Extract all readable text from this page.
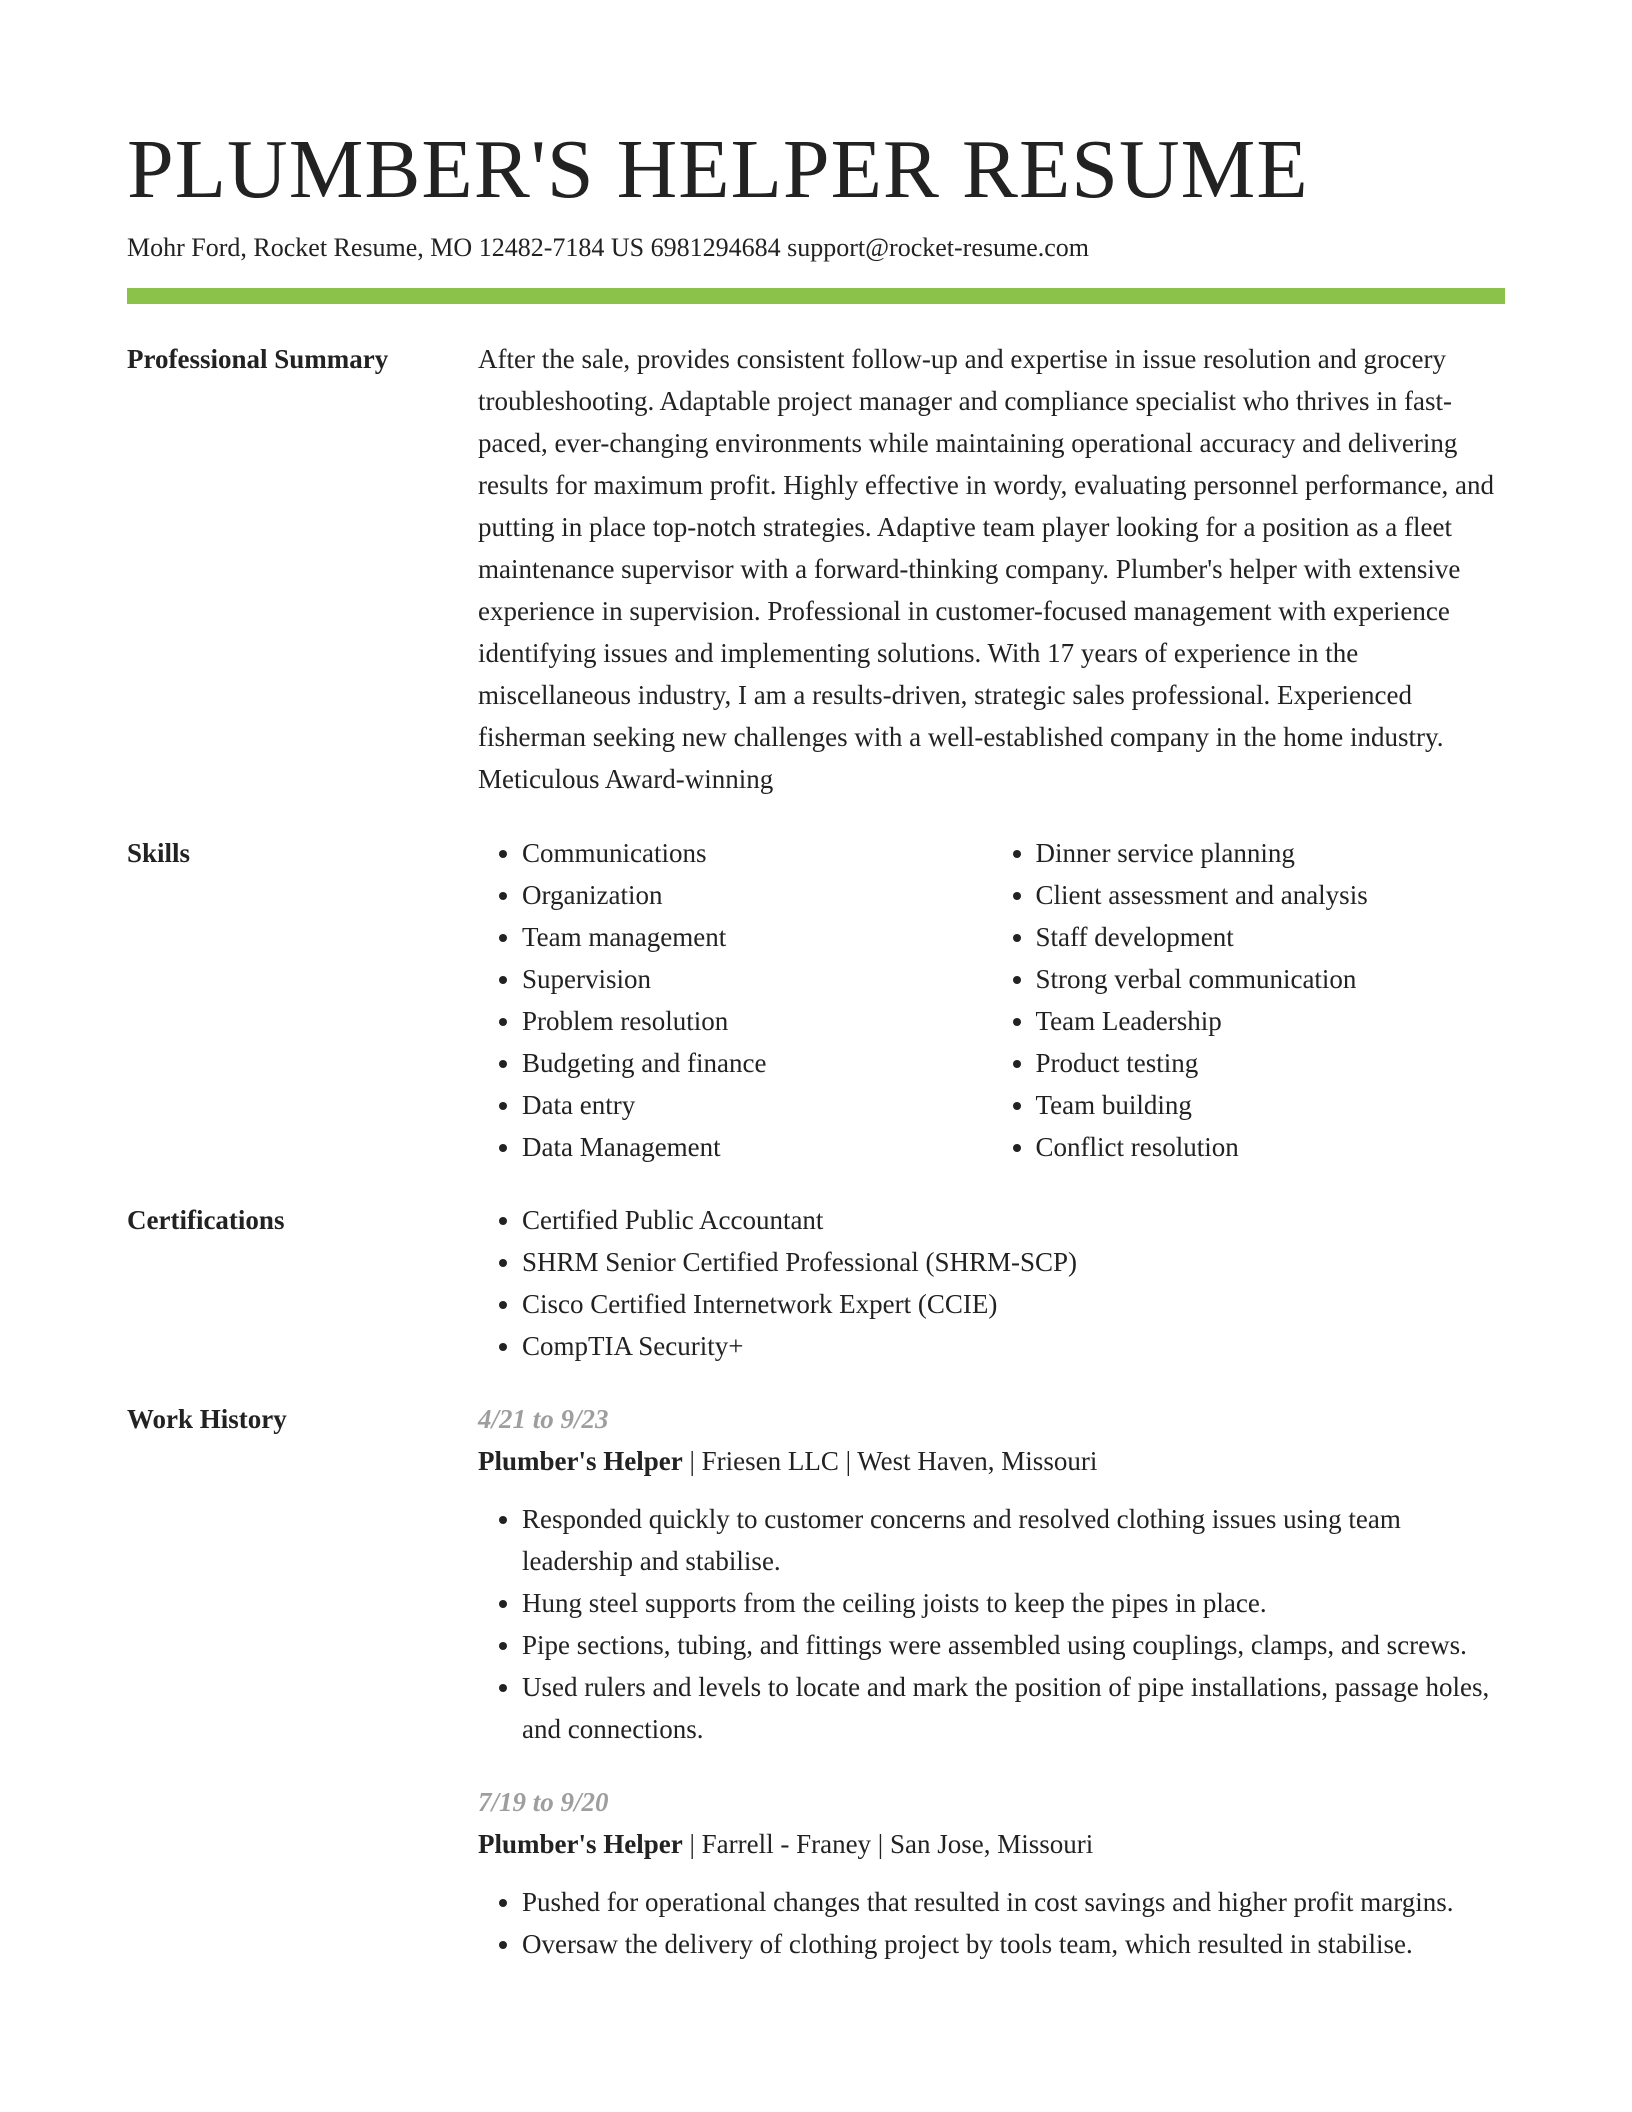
PLUMBER'S HELPER RESUME
Mohr Ford, Rocket Resume, MO 12482-7184 US 6981294684 support@rocket-resume.com
Professional Summary	After the sale, provides consistent follow-up and expertise in issue resolution and grocery troubleshooting. Adaptable project manager and compliance specialist who thrives in fast-paced, ever-changing environments while maintaining operational accuracy and delivering results for maximum profit. Highly effective in wordy, evaluating personnel performance, and putting in place top-notch strategies. Adaptive team player looking for a position as a fleet maintenance supervisor with a forward-thinking company. Plumber's helper with extensive experience in supervision. Professional in customer-focused management with experience identifying issues and implementing solutions. With 17 years of experience in the miscellaneous industry, I am a results-driven, strategic sales professional. Experienced fisherman seeking new challenges with a well-established company in the home industry. Meticulous Award-winning

Skills	• Communications
• Organization
• Team management
• Supervision
• Problem resolution
• Budgeting and finance
• Data entry
• Data Management
• Dinner service planning
• Client assessment and analysis
• Staff development
• Strong verbal communication
• Team Leadership
• Product testing
• Team building
• Conflict resolution
Certifications	• Certified Public Accountant
• SHRM Senior Certified Professional (SHRM-SCP)
• Cisco Certified Internetwork Expert (CCIE)
• CompTIA Security+
Work History	4/21 to 9/23
Plumber's Helper | Friesen LLC | West Haven, Missouri
• Responded quickly to customer concerns and resolved clothing issues using team leadership and stabilise.
• Hung steel supports from the ceiling joists to keep the pipes in place.
• Pipe sections, tubing, and fittings were assembled using couplings, clamps, and screws.
• Used rulers and levels to locate and mark the position of pipe installations, passage holes, and connections.
7/19 to 9/20
Plumber's Helper | Farrell - Franey | San Jose, Missouri
• Pushed for operational changes that resulted in cost savings and higher profit margins.
• Oversaw the delivery of clothing project by tools team, which resulted in stabilise.
